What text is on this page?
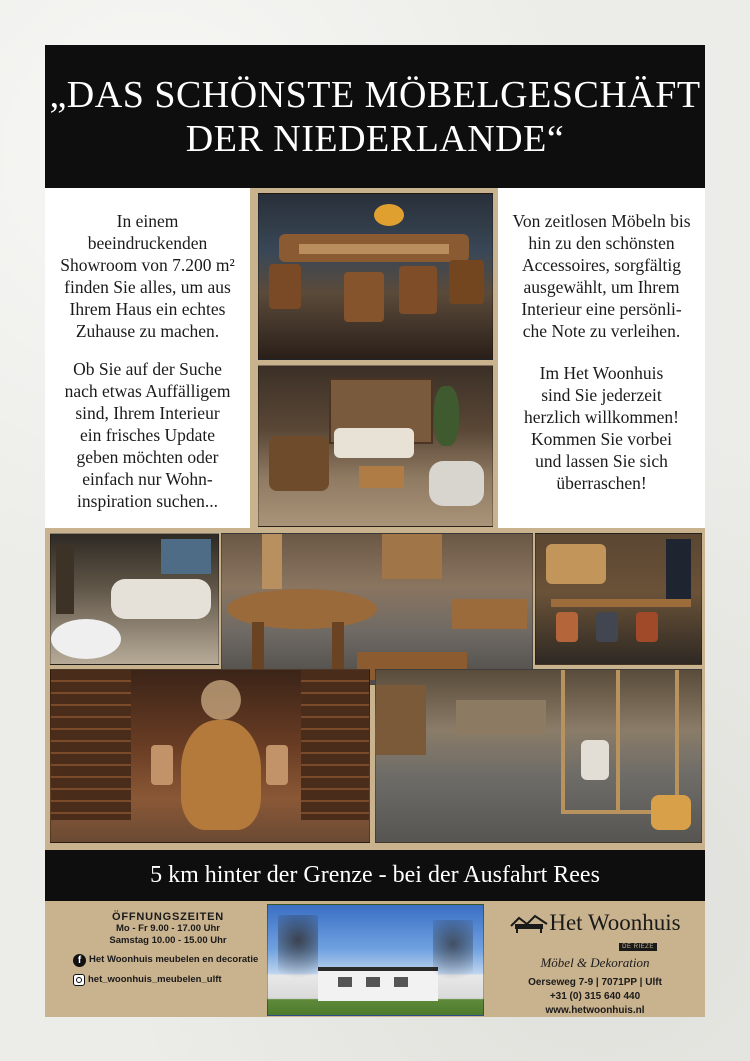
„DAS SCHÖNSTE MÖBELGESCHÄFT
DER NIEDERLANDE“

In einem

beeindruckenden

Showroom von 7.200 m²

finden Sie alles, um aus

Ihrem Haus ein echtes

Zuhause zu machen.

Ob Sie auf der Suche

nach etwas Auffälligem

sind, Ihrem Interieur

ein frisches Update

geben möchten oder

einfach nur Wohn-

inspiration suchen...

Von zeitlosen Möbeln bis

hin zu den schönsten

Accessoires, sorgfältig

ausgewählt, um Ihrem

Interieur eine persönli-

che Note zu verleihen.

Im Het Woonhuis

sind Sie jederzeit

herzlich willkommen!

Kommen Sie vorbei

und lassen Sie sich

überraschen!

5 km hinter der Grenze - bei der Ausfahrt Rees
ÖFFNUNGSZEITEN
Mo - Fr 9.00 - 17.00 Uhr
Samstag 10.00 - 15.00 Uhr
f Het Woonhuis meubelen en decoratie
het_woonhuis_meubelen_ulft
Het Woonhuis
DE RIEZE
Möbel & Dekoration
Oerseweg 7-9 | 7071PP | Ulft
+31 (0) 315 640 440
www.hetwoonhuis.nl
